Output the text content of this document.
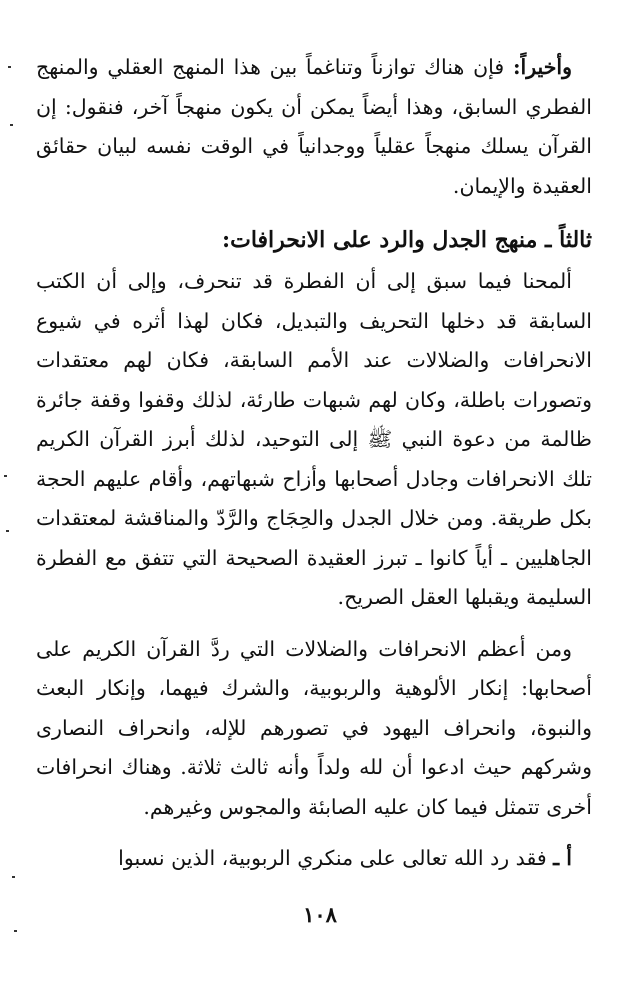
وأخيراً: فإن هناك توازناً وتناغماً بين هذا المنهج العقلي والمنهج الفطري السابق، وهذا أيضاً يمكن أن يكون منهجاً آخر، فنقول: إن القرآن يسلك منهجاً عقلياً ووجدانياً في الوقت نفسه لبيان حقائق العقيدة والإيمان.

ثالثاً ـ منهج الجدل والرد على الانحرافات:

ألمحنا فيما سبق إلى أن الفطرة قد تنحرف، وإلى أن الكتب السابقة قد دخلها التحريف والتبديل، فكان لهذا أثره في شيوع الانحرافات والضلالات عند الأمم السابقة، فكان لهم معتقدات وتصورات باطلة، وكان لهم شبهات طارئة، لذلك وقفوا وقفة جائرة ظالمة من دعوة النبي ﷺ إلى التوحيد، لذلك أبرز القرآن الكريم تلك الانحرافات وجادل أصحابها وأزاح شبهاتهم، وأقام عليهم الحجة بكل طريقة. ومن خلال الجدل والحِجَاج والرَّدّ والمناقشة لمعتقدات الجاهليين ـ أياً كانوا ـ تبرز العقيدة الصحيحة التي تتفق مع الفطرة السليمة ويقبلها العقل الصريح.

ومن أعظم الانحرافات والضلالات التي ردَّ القرآن الكريم على أصحابها: إنكار الألوهية والربوبية، والشرك فيهما، وإنكار البعث والنبوة، وانحراف اليهود في تصورهم للإله، وانحراف النصارى وشركهم حيث ادعوا أن لله ولداً وأنه ثالث ثلاثة. وهناك انحرافات أخرى تتمثل فيما كان عليه الصابئة والمجوس وغيرهم.

أ ـ فقد رد الله تعالى على منكري الربوبية، الذين نسبوا

١٠٨
